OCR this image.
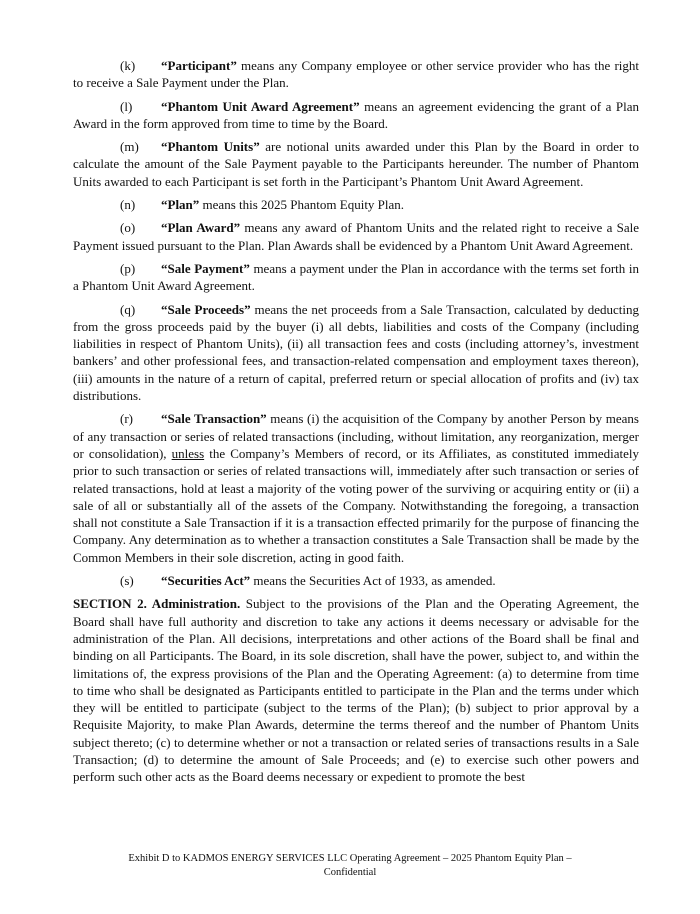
(k) “Participant” means any Company employee or other service provider who has the right to receive a Sale Payment under the Plan.

(l) “Phantom Unit Award Agreement” means an agreement evidencing the grant of a Plan Award in the form approved from time to time by the Board.

(m) “Phantom Units” are notional units awarded under this Plan by the Board in order to calculate the amount of the Sale Payment payable to the Participants hereunder. The number of Phantom Units awarded to each Participant is set forth in the Participant’s Phantom Unit Award Agreement.

(n) “Plan” means this 2025 Phantom Equity Plan.

(o) “Plan Award” means any award of Phantom Units and the related right to receive a Sale Payment issued pursuant to the Plan. Plan Awards shall be evidenced by a Phantom Unit Award Agreement.

(p) “Sale Payment” means a payment under the Plan in accordance with the terms set forth in a Phantom Unit Award Agreement.

(q) “Sale Proceeds” means the net proceeds from a Sale Transaction, calculated by deducting from the gross proceeds paid by the buyer (i) all debts, liabilities and costs of the Company (including liabilities in respect of Phantom Units), (ii) all transaction fees and costs (including attorney’s, investment bankers’ and other professional fees, and transaction-related compensation and employment taxes thereon), (iii) amounts in the nature of a return of capital, preferred return or special allocation of profits and (iv) tax distributions.

(r) “Sale Transaction” means (i) the acquisition of the Company by another Person by means of any transaction or series of related transactions (including, without limitation, any reorganization, merger or consolidation), unless the Company’s Members of record, or its Affiliates, as constituted immediately prior to such transaction or series of related transactions will, immediately after such transaction or series of related transactions, hold at least a majority of the voting power of the surviving or acquiring entity or (ii) a sale of all or substantially all of the assets of the Company. Notwithstanding the foregoing, a transaction shall not constitute a Sale Transaction if it is a transaction effected primarily for the purpose of financing the Company. Any determination as to whether a transaction constitutes a Sale Transaction shall be made by the Common Members in their sole discretion, acting in good faith.

(s) “Securities Act” means the Securities Act of 1933, as amended.

SECTION 2. Administration. Subject to the provisions of the Plan and the Operating Agreement, the Board shall have full authority and discretion to take any actions it deems necessary or advisable for the administration of the Plan. All decisions, interpretations and other actions of the Board shall be final and binding on all Participants. The Board, in its sole discretion, shall have the power, subject to, and within the limitations of, the express provisions of the Plan and the Operating Agreement: (a) to determine from time to time who shall be designated as Participants entitled to participate in the Plan and the terms under which they will be entitled to participate (subject to the terms of the Plan); (b) subject to prior approval by a Requisite Majority, to make Plan Awards, determine the terms thereof and the number of Phantom Units subject thereto; (c) to determine whether or not a transaction or related series of transactions results in a Sale Transaction; (d) to determine the amount of Sale Proceeds; and (e) to exercise such other powers and perform such other acts as the Board deems necessary or expedient to promote the best

Exhibit D to KADMOS ENERGY SERVICES LLC Operating Agreement – 2025 Phantom Equity Plan –
Confidential
